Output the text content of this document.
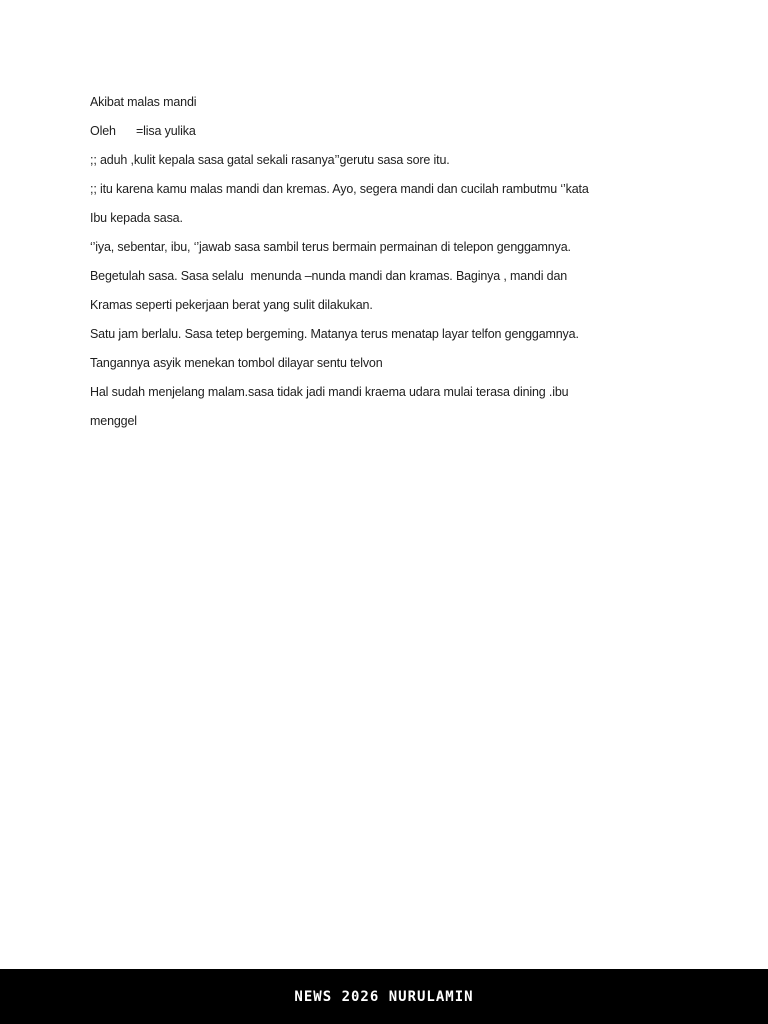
Akibat malas mandi
Oleh	=lisa yulika
;; aduh ,kulit kepala sasa gatal sekali rasanya’’gerutu sasa sore itu.
;; itu karena kamu malas mandi dan kremas. Ayo, segera mandi dan cucilah rambutmu ‘’kata
Ibu kepada sasa.
‘’iya, sebentar, ibu, ‘’jawab sasa sambil terus bermain permainan di telepon genggamnya.
Begetulah sasa. Sasa selalu  menunda –nunda mandi dan kramas. Baginya , mandi dan
Kramas seperti pekerjaan berat yang sulit dilakukan.
Satu jam berlalu. Sasa tetep bergeming. Matanya terus menatap layar telfon genggamnya.
Tangannya asyik menekan tombol dilayar sentu telvon
Hal sudah menjelang malam.sasa tidak jadi mandi kraema udara mulai terasa dining .ibu
menggel
NEWS 2026 NURULAMIN
